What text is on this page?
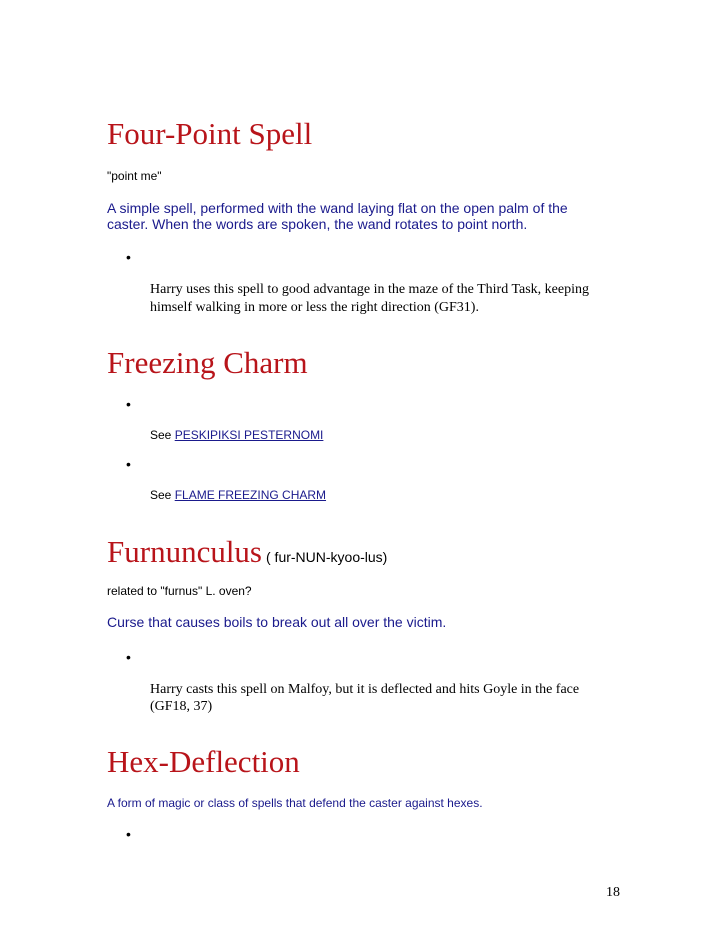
Four-Point Spell
"point me"
A simple spell, performed with the wand laying flat on the open palm of the
caster. When the words are spoken, the wand rotates to point north.
•
Harry uses this spell to good advantage in the maze of the Third Task, keeping
himself walking in more or less the right direction (GF31).
Freezing Charm
•
See PESKIPIKSI PESTERNOMI
•
See FLAME FREEZING CHARM
Furnunculus ( fur-NUN-kyoo-lus)
related to "furnus" L. oven?
Curse that causes boils to break out all over the victim.
•
Harry casts this spell on Malfoy, but it is deflected and hits Goyle in the face
(GF18, 37)
Hex-Deflection
A form of magic or class of spells that defend the caster against hexes.
•
18
